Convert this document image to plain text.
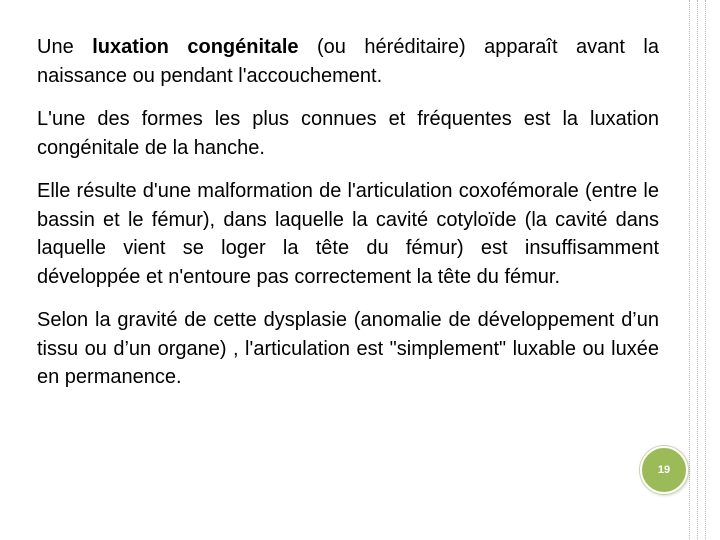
Une luxation congénitale (ou héréditaire) apparaît avant la naissance ou pendant l'accouchement.

L'une des formes les plus connues et fréquentes est la luxation congénitale de la hanche.

Elle résulte d'une malformation de l'articulation coxofémorale (entre le bassin et le fémur), dans laquelle la cavité cotyloïde (la cavité dans laquelle vient se loger la tête du fémur) est insuffisamment développée et n'entoure pas correctement la tête du fémur.

Selon la gravité de cette dysplasie (anomalie de développement d’un tissu ou d’un organe) , l'articulation est "simplement" luxable ou luxée en permanence.

19
